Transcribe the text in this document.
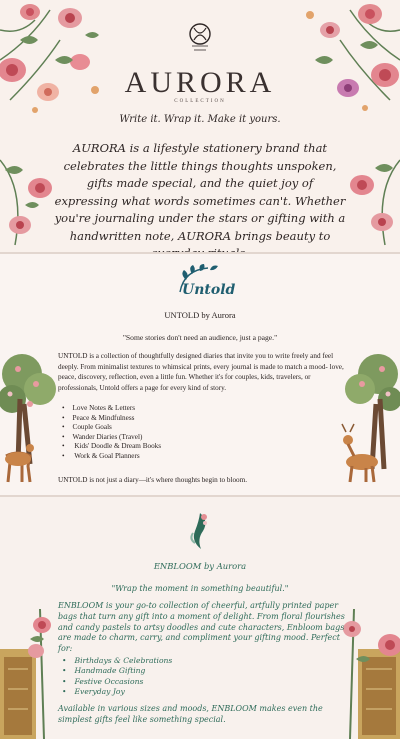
AURORA
COLLECTION
Write it. Wrap it. Make it yours.

AURORA is a lifestyle stationery brand that celebrates the little things thoughts unspoken, gifts made special, and the quiet joy of expressing what words sometimes can't. Whether you're journaling under the stars or gifting with a handwritten note, AURORA brings beauty to

Untold
UNTOLD by Aurora
"Some stories don't need an audience, just a page."

UNTOLD is a collection of thoughtfully designed diaries that invite you to write freely and feel deeply. From minimalist textures to whimsical prints, every journal is made to match a mood- love, peace, discovery, reflection, even a little fun. Whether it's for couples, kids, travelers, or professionals, Untold offers a page for every kind of story.

• Love Notes & Letters
• Peace & Mindfulness
• Couple Goals
• Wander Diaries (Travel)
• Kids' Doodle & Dream Books
• Work & Goal Planners

UNTOLD is not just a diary—it's where thoughts begin to bloom.

ENBLOOM by Aurora
"Wrap the moment in something beautiful."

ENBLOOM is your go-to collection of cheerful, artfully printed paper bags that turn any gift into a moment of delight. From floral flourishes and candy pastels to artsy doodles and cute characters, Enbloom bags are made to charm, carry, and compliment your gifting mood. Perfect for:

• Birthdays & Celebrations
• Handmade Gifting
• Festive Occasions
• Everyday Joy

Available in various sizes and moods, ENBLOOM makes even the simplest gifts feel like something special.
